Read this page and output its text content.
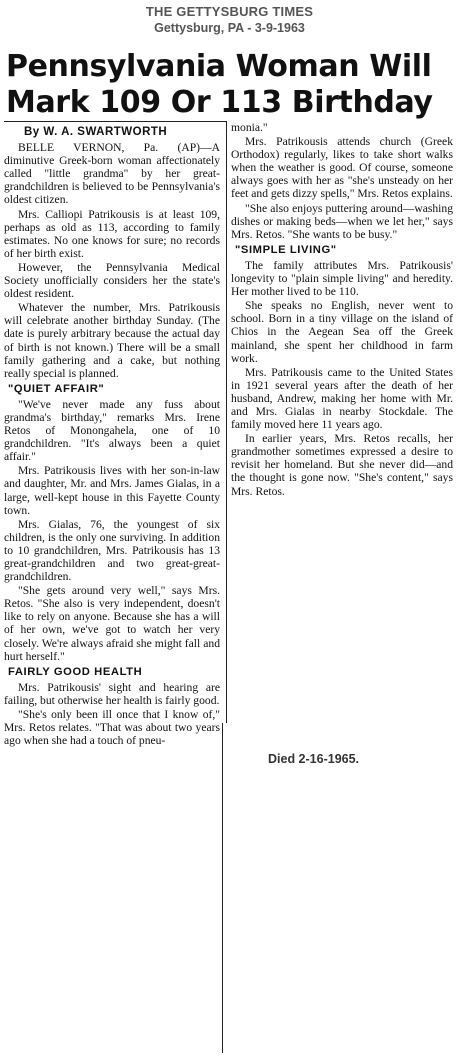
THE GETTYSBURG TIMES
Gettysburg, PA - 3-9-1963
Pennsylvania Woman Will
Mark 109 Or 113 Birthday
By W. A. SWARTWORTH

BELLE VERNON, Pa. (AP)—A diminutive Greek-born woman affectionately called "little grandma" by her great-grandchildren is believed to be Pennsylvania's oldest citizen.

Mrs. Calliopi Patrikousis is at least 109, perhaps as old as 113, according to family estimates. No one knows for sure; no records of her birth exist.

However, the Pennsylvania Medical Society unofficially considers her the state's oldest resident.

Whatever the number, Mrs. Patrikousis will celebrate another birthday Sunday. (The date is purely arbitrary because the actual day of birth is not known.) There will be a small family gathering and a cake, but nothing really special is planned.

"QUIET AFFAIR"

"We've never made any fuss about grandma's birthday," remarks Mrs. Irene Retos of Monongahela, one of 10 grandchildren. "It's always been a quiet affair."

Mrs. Patrikousis lives with her son-in-law and daughter, Mr. and Mrs. James Gialas, in a large, well-kept house in this Fayette County town.

Mrs. Gialas, 76, the youngest of six children, is the only one surviving. In addition to 10 grandchildren, Mrs. Patrikousis has 13 great-grandchildren and two great-great-grandchildren.

"She gets around very well," says Mrs. Retos. "She also is very independent, doesn't like to rely on anyone. Because she has a will of her own, we've got to watch her very closely. We're always afraid she might fall and hurt herself."

FAIRLY GOOD HEALTH

Mrs. Patrikousis' sight and hearing are failing, but otherwise her health is fairly good.

"She's only been ill once that I know of," Mrs. Retos relates. "That was about two years ago when she had a touch of pneu-

monia."

Mrs. Patrikousis attends church (Greek Orthodox) regularly, likes to take short walks when the weather is good. Of course, someone always goes with her as "she's unsteady on her feet and gets dizzy spells," Mrs. Retos explains.

"She also enjoys puttering around—washing dishes or making beds—when we let her," says Mrs. Retos. "She wants to be busy."

"SIMPLE LIVING"

The family attributes Mrs. Patrikousis' longevity to "plain simple living" and heredity. Her mother lived to be 110.

She speaks no English, never went to school. Born in a tiny village on the island of Chios in the Aegean Sea off the Greek mainland, she spent her childhood in farm work.

Mrs. Patrikousis came to the United States in 1921 several years after the death of her husband, Andrew, making her home with Mr. and Mrs. Gialas in nearby Stockdale. The family moved here 11 years ago.

In earlier years, Mrs. Retos recalls, her grandmother sometimes expressed a desire to revisit her homeland. But she never did—and the thought is gone now. "She's content," says Mrs. Retos.

Died 2-16-1965.
